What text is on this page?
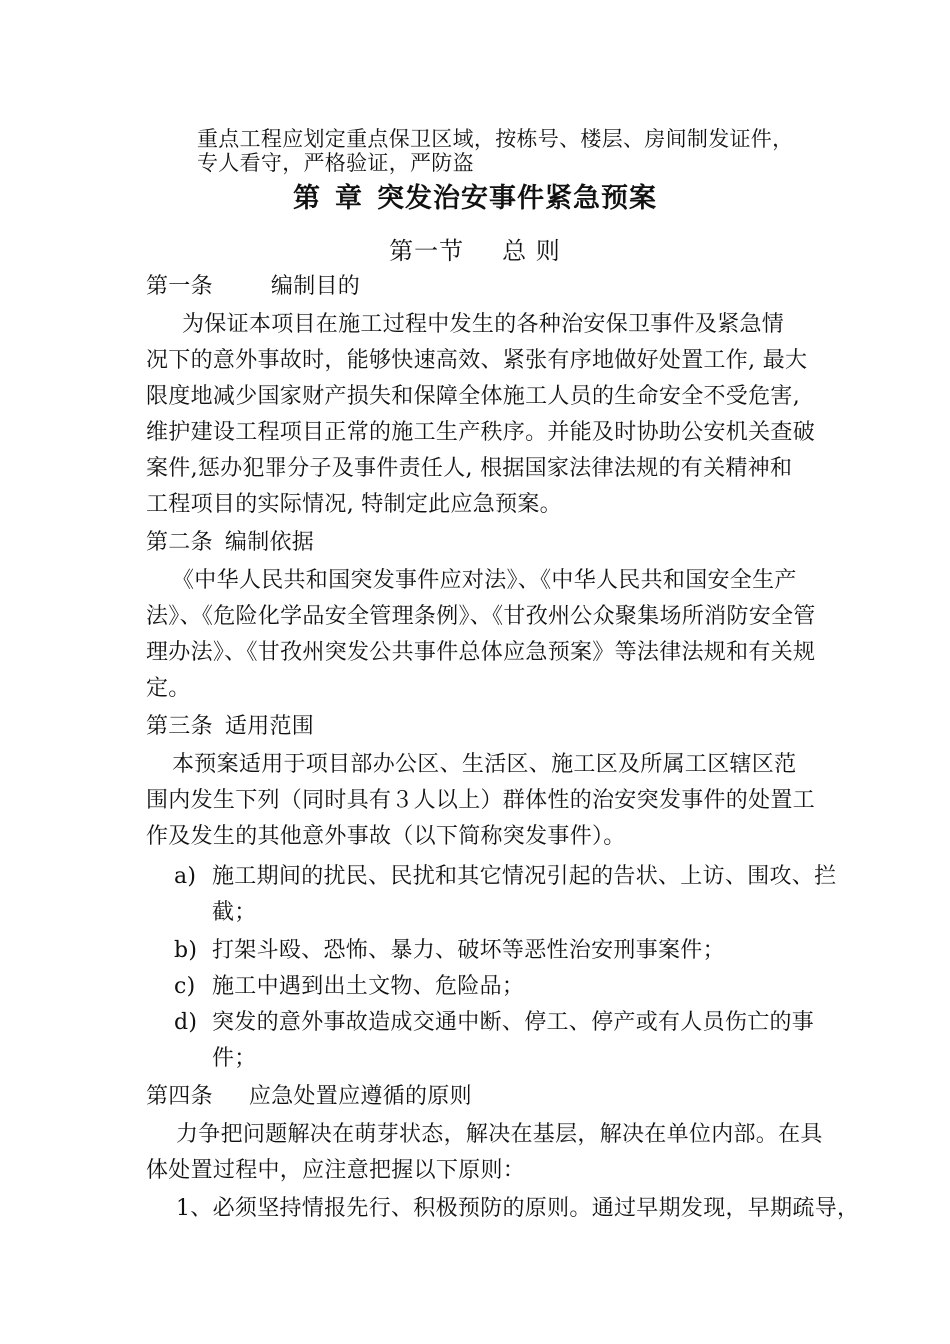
重点工程应划定重点保卫区域，按栋号、楼层、房间制发证件，
专人看守，严格验证，严防盗
第 章 突发治安事件紧急预案
第一节 总 则
第一条	编制目的
为保证本项目在施工过程中发生的各种治安保卫事件及紧急情
况下的意外事故时，能够快速高效、紧张有序地做好处置工作, 最大
限度地减少国家财产损失和保障全体施工人员的生命安全不受危害,
维护建设工程项目正常的施工生产秩序。并能及时协助公安机关查破
案件,惩办犯罪分子及事件责任人, 根据国家法律法规的有关精神和
工程项目的实际情况, 特制定此应急预案。
第二条 编制依据
《中华人民共和国突发事件应对法》、《中华人民共和国安全生产
法》、《危险化学品安全管理条例》、《甘孜州公众聚集场所消防安全管
理办法》、《甘孜州突发公共事件总体应急预案》等法律法规和有关规
定。
第三条 适用范围
本预案适用于项目部办公区、生活区、施工区及所属工区辖区范
围内发生下列（同时具有３人以上）群体性的治安突发事件的处置工
作及发生的其他意外事故（以下简称突发事件）。
a) 施工期间的扰民、民扰和其它情况引起的告状、上访、围攻、拦
截；
b) 打架斗殴、恐怖、暴力、破坏等恶性治安刑事案件；
c) 施工中遇到出土文物、危险品；
d) 突发的意外事故造成交通中断、停工、停产或有人员伤亡的事
件；
第四条 应急处置应遵循的原则
力争把问题解决在萌芽状态，解决在基层，解决在单位内部。在具
体处置过程中，应注意把握以下原则：
1、必须坚持情报先行、积极预防的原则。通过早期发现，早期疏导，
